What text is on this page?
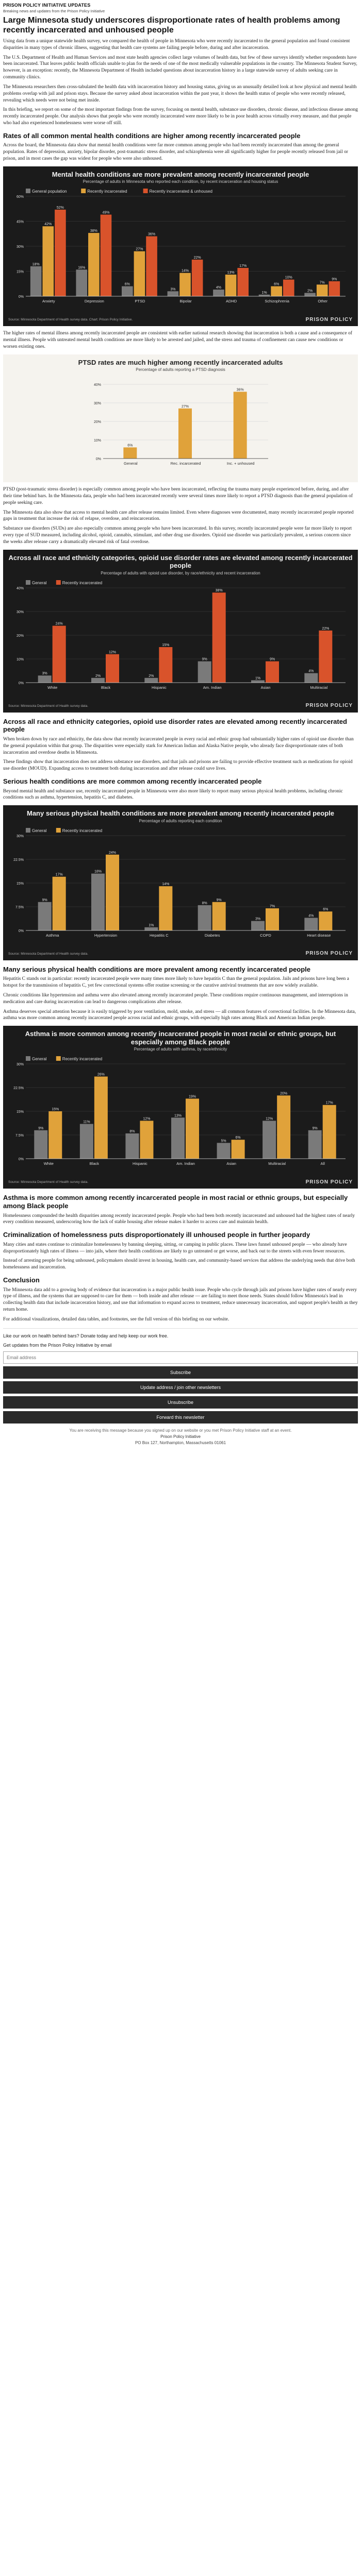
PRISON POLICY INITIATIVE UPDATES
Breaking news and updates from the Prison Policy Initiative
Large Minnesota study underscores disproportionate rates of health problems among recently incarcerated and unhoused people

Using data from a unique statewide health survey, we compared the health of people in Minnesota who were recently incarcerated to the general population and found consistent disparities in many types of chronic illness, suggesting that health care systems are failing people before, during and after incarceration.

The U.S. Department of Health and Human Services and most state health agencies collect large volumes of health data, but few of these surveys identify whether respondents have been incarcerated. That leaves public health officials unable to plan for the needs of one of the most medically vulnerable populations in the country. The Minnesota Student Survey, however, is an exception: recently, the Minnesota Department of Health included questions about incarceration history in a large statewide survey of adults seeking care in community clinics.

The Minnesota researchers then cross-tabulated the health data with incarceration history and housing status, giving us an unusually detailed look at how physical and mental health problems overlap with jail and prison stays. Because the survey asked about incarceration within the past year, it shows the health status of people who were recently released, revealing which needs were not being met inside.

In this briefing, we report on some of the most important findings from the survey, focusing on mental health, substance use disorders, chronic disease, and infectious disease among recently incarcerated people. Our analysis shows that people who were recently incarcerated were more likely to be in poor health across virtually every measure, and that people who had also experienced homelessness were worse off still.

Rates of all common mental health conditions are higher among recently incarcerated people

Across the board, the Minnesota data show that mental health conditions were far more common among people who had been recently incarcerated than among the general population. Rates of depression, anxiety, bipolar disorder, post-traumatic stress disorder, and schizophrenia were all significantly higher for people recently released from jail or prison, and in most cases the gap was widest for people who were also unhoused.

Mental health conditions are more prevalent among recently incarcerated people
Percentage of adults in Minnesota who reported each condition, by recent incarceration and housing status
General population	Recently incarcerated	Recently incarcerated & unhoused
0%
15%
30%
45%
60%
18%
42%
52%
Anxiety
16%
38%
49%
Depression
6%
27%
36%
PTSD
3%
14%
22%
Bipolar
4%
13%
17%
ADHD
1%
6%
10%
Schizophrenia
2%
7%
9%
Other
Source: Minnesota Department of Health survey data. Chart: Prison Policy Initiative.	PRISON POLICY

The higher rates of mental illness among recently incarcerated people are consistent with earlier national research showing that incarceration is both a cause and a consequence of mental illness. People with untreated mental health conditions are more likely to be arrested and jailed, and the stress and trauma of confinement can cause new conditions or worsen existing ones.

PTSD rates are much higher among recently incarcerated adults
Percentage of adults reporting a PTSD diagnosis
0%
10%
20%
30%
40%
6%
General
27%
Rec. incarcerated
36%
Inc. + unhoused

PTSD (post-traumatic stress disorder) is especially common among people who have been incarcerated, reflecting the trauma many people experienced before, during, and after their time behind bars. In the Minnesota data, people who had been incarcerated recently were several times more likely to report a PTSD diagnosis than the general population of people seeking care.

The Minnesota data also show that access to mental health care after release remains limited. Even where diagnoses were documented, many recently incarcerated people reported gaps in treatment that increase the risk of relapse, overdose, and reincarceration.

Substance use disorders (SUDs) are also especially common among people who have been incarcerated. In this survey, recently incarcerated people were far more likely to report every type of SUD measured, including alcohol, opioid, cannabis, stimulant, and other drug use disorders. Opioid use disorder was particularly prevalent, a serious concern since the weeks after release carry a dramatically elevated risk of fatal overdose.

Across all race and ethnicity categories, opioid use disorder rates are elevated among recently incarcerated people
Percentage of adults with opioid use disorder, by race/ethnicity and recent incarceration
General	Recently incarcerated
0%
10%
20%
30%
40%
3%
24%
White
2%
12%
Black
2%
15%
Hispanic
9%
38%
Am. Indian
1%
9%
Asian
4%
22%
Multiracial
Source: Minnesota Department of Health survey data.	PRISON POLICY
Across all race and ethnicity categories, opioid use disorder rates are elevated among recently incarcerated people

When broken down by race and ethnicity, the data show that recently incarcerated people in every racial and ethnic group had substantially higher rates of opioid use disorder than the general population within that group. The disparities were especially stark for American Indian and Alaska Native people, who already face disproportionate rates of both incarceration and overdose deaths in Minnesota.

These findings show that incarceration does not address substance use disorders, and that jails and prisons are failing to provide effective treatment such as medications for opioid use disorder (MOUD). Expanding access to treatment both during incarceration and after release could save lives.

Serious health conditions are more common among recently incarcerated people

Beyond mental health and substance use, recently incarcerated people in Minnesota were also more likely to report many serious physical health problems, including chronic conditions such as asthma, hypertension, hepatitis C, and diabetes.

Many serious physical health conditions are more prevalent among recently incarcerated people
Percentage of adults reporting each condition
General	Recently incarcerated
0%
7.5%
15%
22.5%
30%
9%
17%
Asthma
18%
24%
Hypertension
1%
14%
Hepatitis C
8%
9%
Diabetes
3%
7%
COPD
4%
6%
Heart disease
Source: Minnesota Department of Health survey data.	PRISON POLICY
Many serious physical health conditions are more prevalent among recently incarcerated people

Hepatitis C stands out in particular: recently incarcerated people were many times more likely to have hepatitis C than the general population. Jails and prisons have long been a hotspot for the transmission of hepatitis C, yet few correctional systems offer routine screening or the curative antiviral treatments that are now widely available.

Chronic conditions like hypertension and asthma were also elevated among recently incarcerated people. These conditions require continuous management, and interruptions in medication and care during incarceration can lead to dangerous complications after release.

Asthma deserves special attention because it is easily triggered by poor ventilation, mold, smoke, and stress — all common features of correctional facilities. In the Minnesota data, asthma was more common among recently incarcerated people across racial and ethnic groups, with especially high rates among Black and American Indian people.

Asthma is more common among recently incarcerated people in most racial or ethnic groups, but especially among Black people
Percentage of adults with asthma, by race/ethnicity
General	Recently incarcerated
0%
7.5%
15%
22.5%
30%
9%
15%
White
11%
26%
Black
8%
12%
Hispanic
13%
19%
Am. Indian
5%
6%
Asian
12%
20%
Multiracial
9%
17%
All
Source: Minnesota Department of Health survey data.	PRISON POLICY
Asthma is more common among recently incarcerated people in most racial or ethnic groups, but especially among Black people

Homelessness compounded the health disparities among recently incarcerated people. People who had been both recently incarcerated and unhoused had the highest rates of nearly every condition measured, underscoring how the lack of stable housing after release makes it harder to access care and maintain health.

Criminalization of homelessness puts disproportionately ill unhoused people in further jeopardy

Many cities and states continue to criminalize homelessness by banning sleeping, sitting, or camping in public places. These laws funnel unhoused people — who already have disproportionately high rates of illness — into jails, where their health conditions are likely to go untreated or get worse, and back out to the streets with even fewer resources.

Instead of arresting people for being unhoused, policymakers should invest in housing, health care, and community-based services that address the underlying needs that drive both homelessness and incarceration.

Conclusion

The Minnesota data add to a growing body of evidence that incarceration is a major public health issue. People who cycle through jails and prisons have higher rates of nearly every type of illness, and the systems that are supposed to care for them — both inside and after release — are failing to meet those needs. States should follow Minnesota's lead in collecting health data that include incarceration history, and use that information to expand access to treatment, reduce unnecessary incarceration, and support people's health as they return home.

For additional visualizations, detailed data tables, and footnotes, see the full version of this briefing on our website.

Like our work on health behind bars? Donate today and help keep our work free.

Get updates from the Prison Policy Initiative by email

Email address
Subscribe
Update address / join other newsletters
Unsubscribe
Forward this newsletter
You are receiving this message because you signed up on our website or you met Prison Policy Initiative staff at an event.
Prison Policy Initiative
PO Box 127, Northampton, Massachusetts 01061
